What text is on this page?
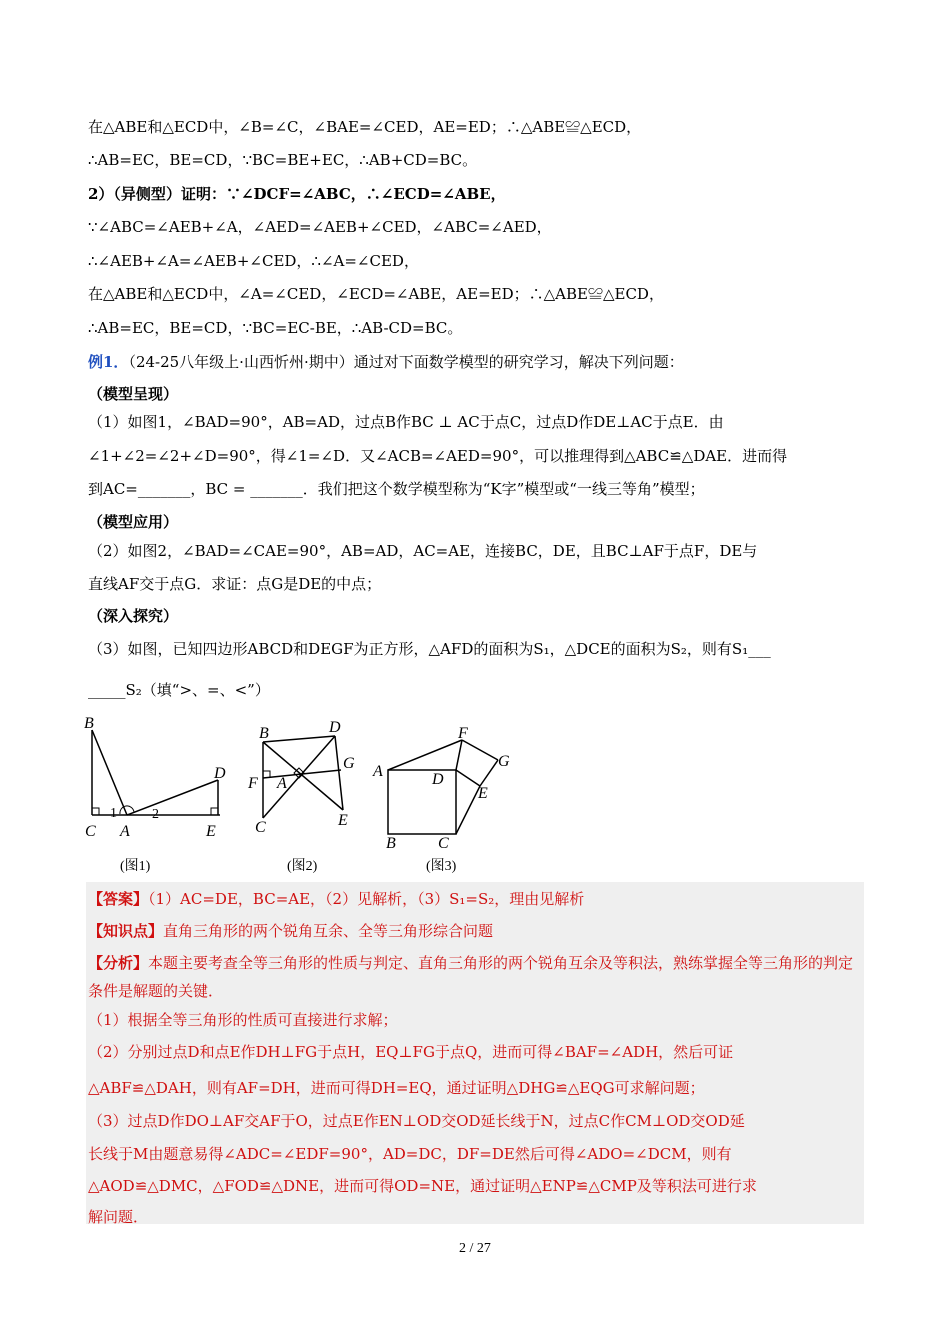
在△ABE和△ECD中，∠B=∠C，∠BAE=∠CED，AE=ED；∴△ABE≌△ECD，
∴AB=EC，BE=CD，∵BC=BE+EC，∴AB+CD=BC。
2）（异侧型）证明：∵∠DCF=∠ABC，∴∠ECD=∠ABE，
∵∠ABC=∠AEB+∠A，∠AED=∠AEB+∠CED，∠ABC=∠AED，
∴∠AEB+∠A=∠AEB+∠CED，∴∠A=∠CED，
在△ABE和△ECD中，∠A=∠CED，∠ECD=∠ABE，AE=ED；∴△ABE≌△ECD，
∴AB=EC，BE=CD，∵BC=EC-BE，∴AB-CD=BC。
例1．（24-25八年级上·山西忻州·期中）通过对下面数学模型的研究学习，解决下列问题：
（模型呈现）
（1）如图1，∠BAD=90°，AB=AD，过点B作BC ⊥ AC于点C，过点D作DE⊥AC于点E．由
∠1+∠2=∠2+∠D=90°，得∠1=∠D．又∠ACB=∠AED=90°，可以推理得到△ABC≌△DAE．进而得
到AC=_______，BC = _______．我们把这个数学模型称为“K字”模型或“一线三等角”模型；
（模型应用）
（2）如图2，∠BAD=∠CAE=90°，AB=AD，AC=AE，连接BC，DE，且BC⊥AF于点F，DE与
直线AF交于点G．求证：点G是DE的中点；
（深入探究）
（3）如图，已知四边形ABCD和DEGF为正方形，△AFD的面积为S₁，△DCE的面积为S₂，则有S₁___
_____S₂（填“>、=、<”）
B
D
1	2
C A	E
(图1)
B	D
G
F A
C	E
(图2)
F
G
A	D
E
B	C
(图3)
【答案】（1）AC=DE，BC=AE，（2）见解析，（3）S₁=S₂，理由见解析
【知识点】直角三角形的两个锐角互余、全等三角形综合问题
【分析】本题主要考查全等三角形的性质与判定、直角三角形的两个锐角互余及等积法，熟练掌握全等三角形的判定条件是解题的关键．
（1）根据全等三角形的性质可直接进行求解；
（2）分别过点D和点E作DH⊥FG于点H，EQ⊥FG于点Q，进而可得∠BAF=∠ADH，然后可证
△ABF≌△DAH，则有AF=DH，进而可得DH=EQ，通过证明△DHG≌△EQG可求解问题；
（3）过点D作DO⊥AF交AF于O，过点E作EN⊥OD交OD延长线于N，过点C作CM⊥OD交OD延
长线于M由题意易得∠ADC=∠EDF=90°，AD=DC，DF=DE然后可得∠ADO=∠DCM，则有
△AOD≌△DMC，△FOD≌△DNE，进而可得OD=NE，通过证明△ENP≌△CMP及等积法可进行求
解问题．
2 / 27
